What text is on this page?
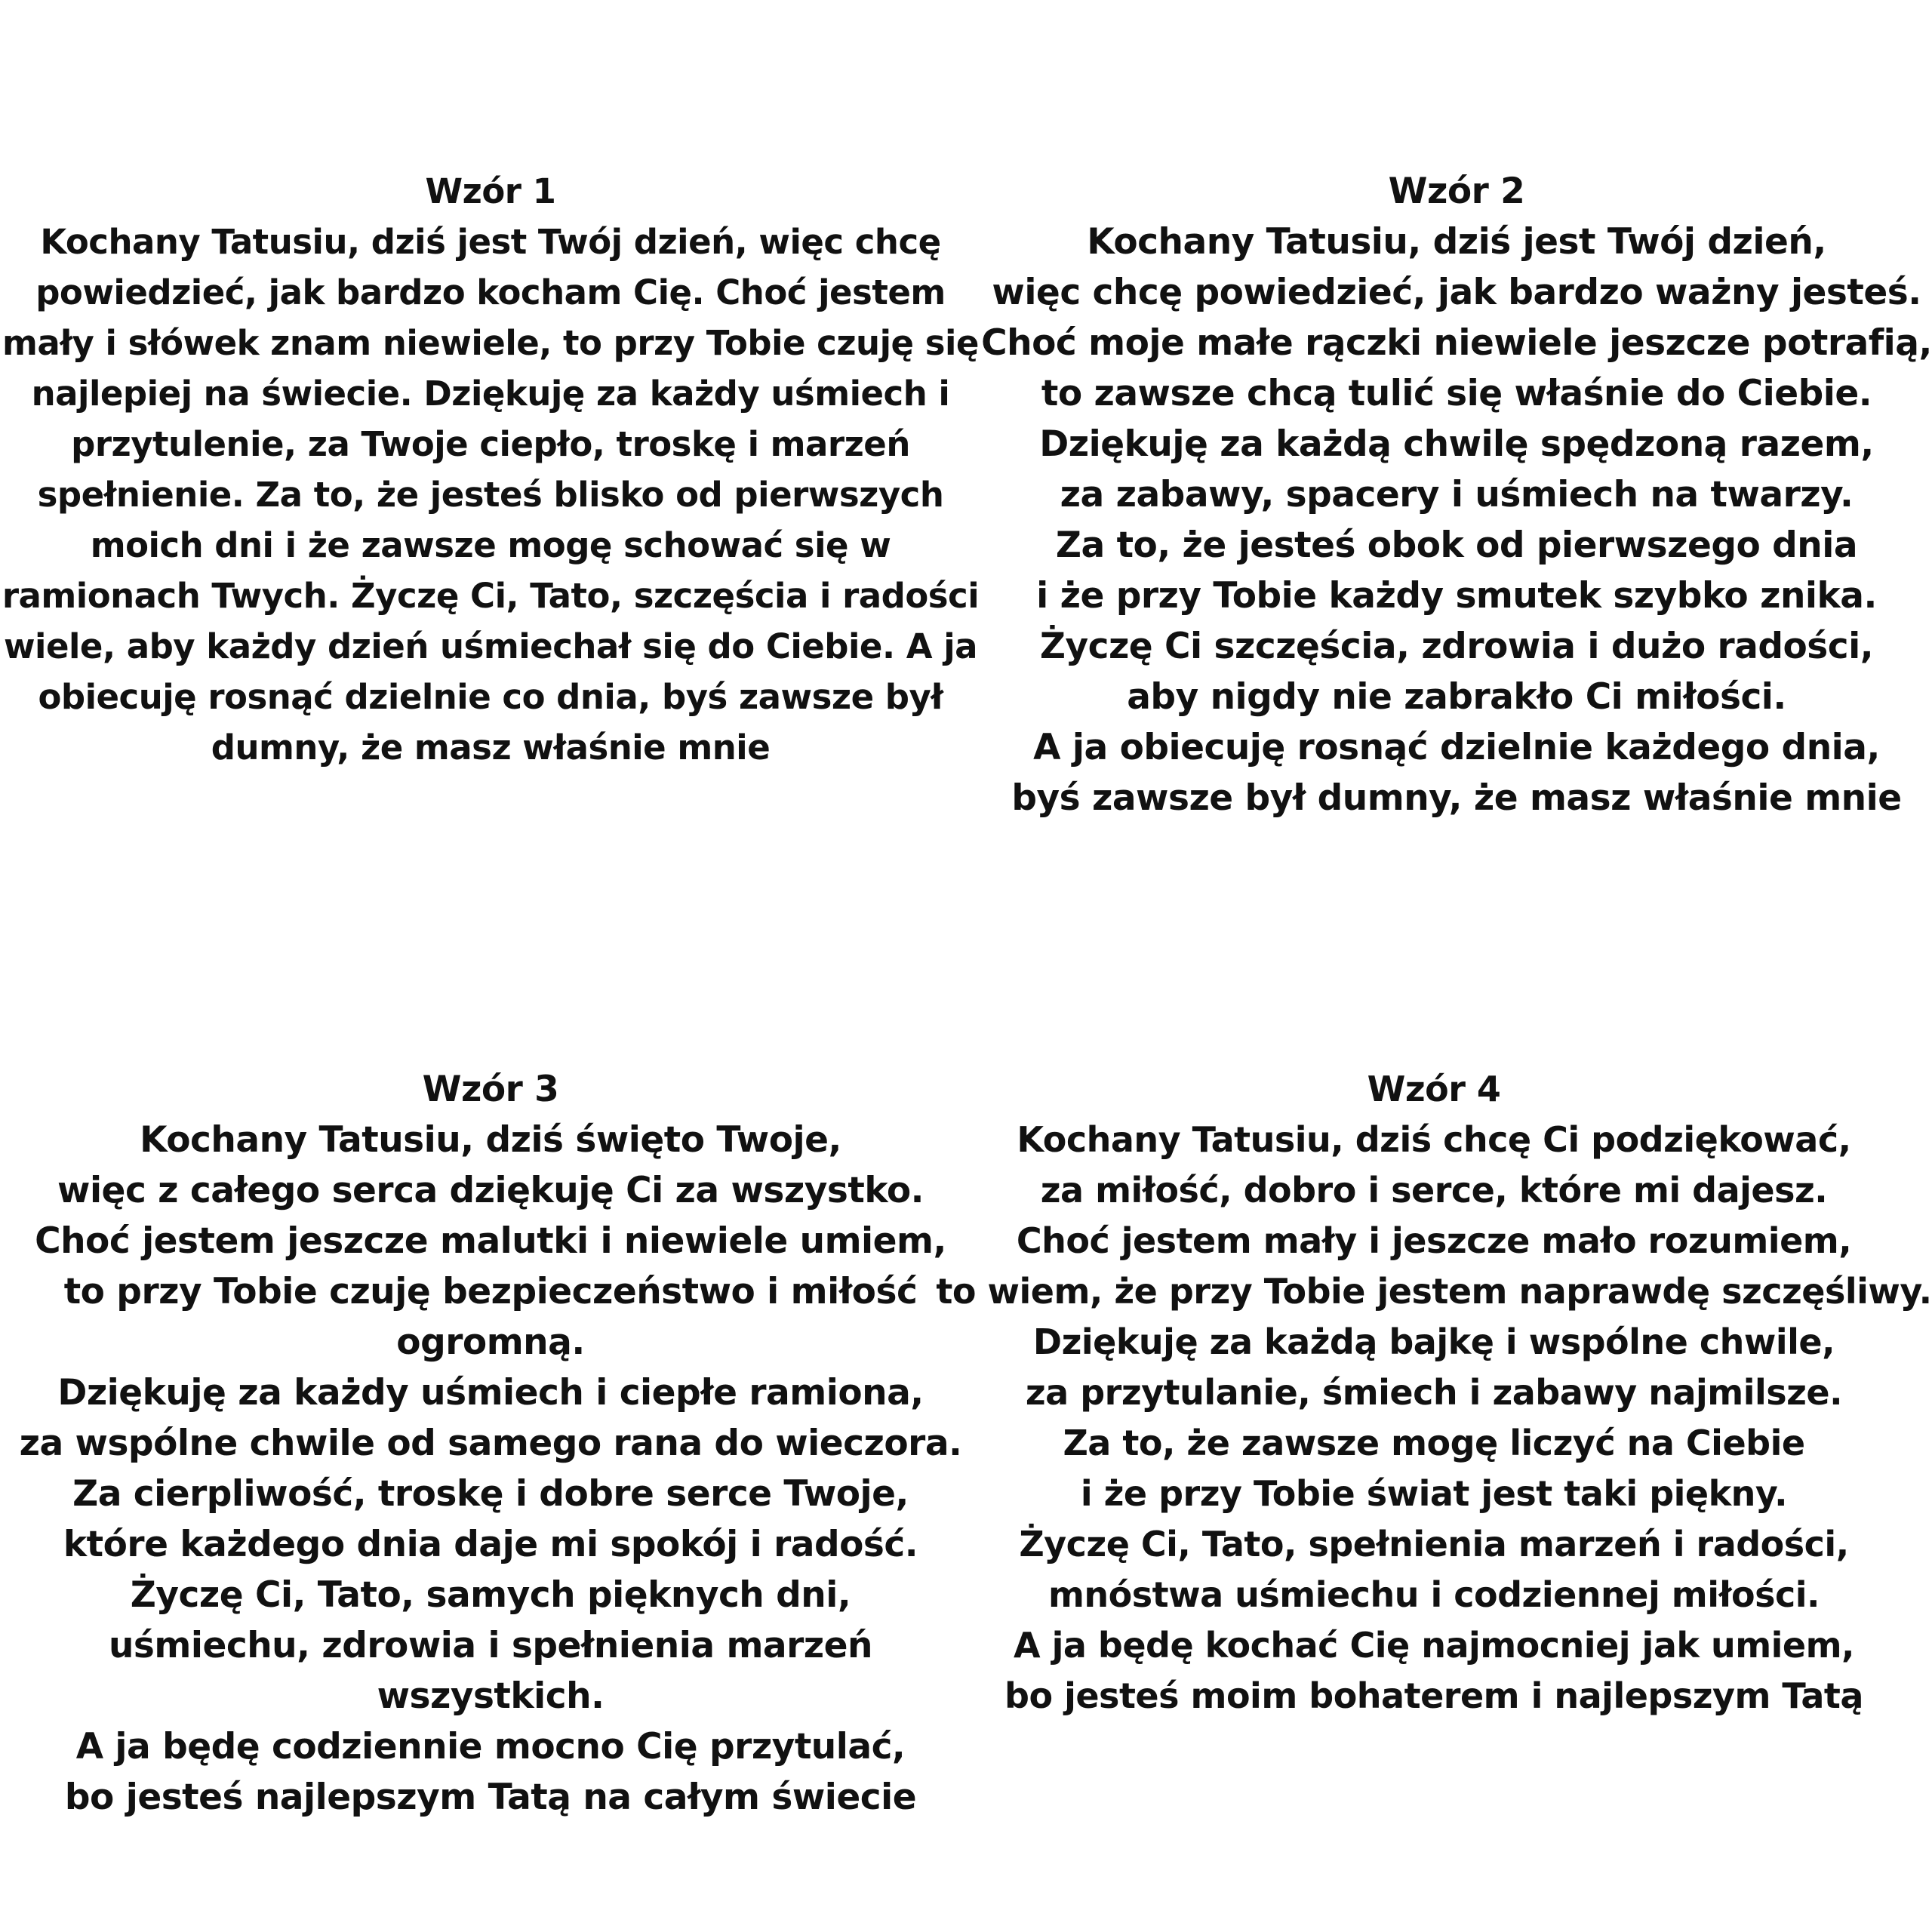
Wzór 1
Kochany Tatusiu, dziś jest Twój dzień, więc chcę
powiedzieć, jak bardzo kocham Cię. Choć jestem
mały i słówek znam niewiele, to przy Tobie czuję się
najlepiej na świecie. Dziękuję za każdy uśmiech i
przytulenie, za Twoje ciepło, troskę i marzeń
spełnienie. Za to, że jesteś blisko od pierwszych
moich dni i że zawsze mogę schować się w
ramionach Twych. Życzę Ci, Tato, szczęścia i radości
wiele, aby każdy dzień uśmiechał się do Ciebie. A ja
obiecuję rosnąć dzielnie co dnia, byś zawsze był
dumny, że masz właśnie mnie
Wzór 2
Kochany Tatusiu, dziś jest Twój dzień,
więc chcę powiedzieć, jak bardzo ważny jesteś.
Choć moje małe rączki niewiele jeszcze potrafią,
to zawsze chcą tulić się właśnie do Ciebie.
Dziękuję za każdą chwilę spędzoną razem,
za zabawy, spacery i uśmiech na twarzy.
Za to, że jesteś obok od pierwszego dnia
i że przy Tobie każdy smutek szybko znika.
Życzę Ci szczęścia, zdrowia i dużo radości,
aby nigdy nie zabrakło Ci miłości.
A ja obiecuję rosnąć dzielnie każdego dnia,
byś zawsze był dumny, że masz właśnie mnie
Wzór 3
Kochany Tatusiu, dziś święto Twoje,
więc z całego serca dziękuję Ci za wszystko.
Choć jestem jeszcze malutki i niewiele umiem,
to przy Tobie czuję bezpieczeństwo i miłość
ogromną.
Dziękuję za każdy uśmiech i ciepłe ramiona,
za wspólne chwile od samego rana do wieczora.
Za cierpliwość, troskę i dobre serce Twoje,
które każdego dnia daje mi spokój i radość.
Życzę Ci, Tato, samych pięknych dni,
uśmiechu, zdrowia i spełnienia marzeń
wszystkich.
A ja będę codziennie mocno Cię przytulać,
bo jesteś najlepszym Tatą na całym świecie
Wzór 4
Kochany Tatusiu, dziś chcę Ci podziękować,
za miłość, dobro i serce, które mi dajesz.
Choć jestem mały i jeszcze mało rozumiem,
to wiem, że przy Tobie jestem naprawdę szczęśliwy.
Dziękuję za każdą bajkę i wspólne chwile,
za przytulanie, śmiech i zabawy najmilsze.
Za to, że zawsze mogę liczyć na Ciebie
i że przy Tobie świat jest taki piękny.
Życzę Ci, Tato, spełnienia marzeń i radości,
mnóstwa uśmiechu i codziennej miłości.
A ja będę kochać Cię najmocniej jak umiem,
bo jesteś moim bohaterem i najlepszym Tatą
